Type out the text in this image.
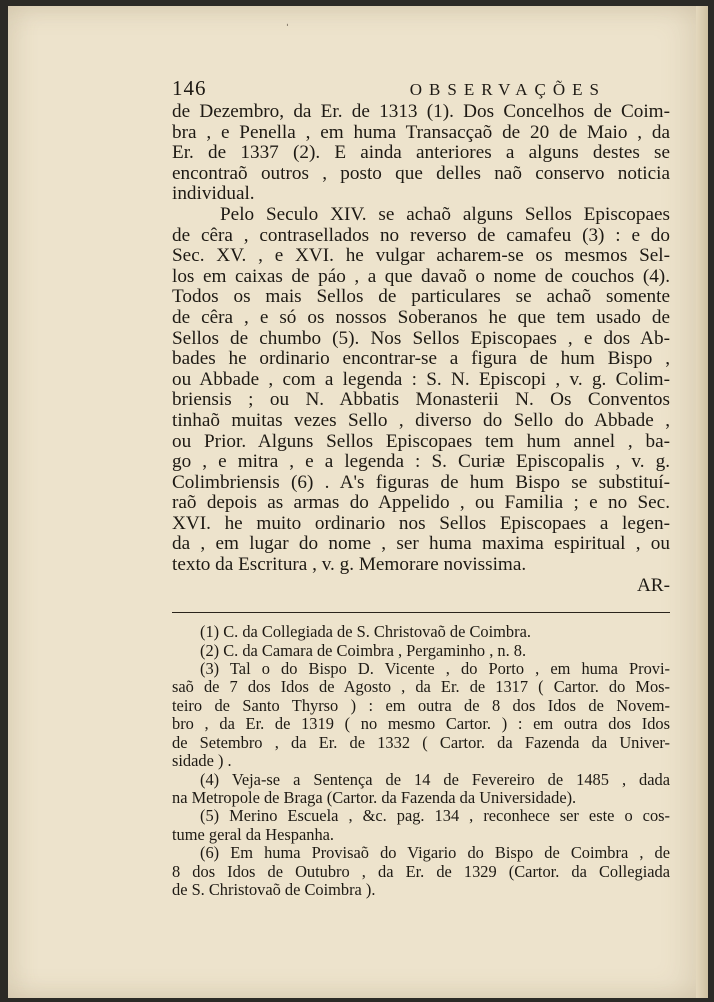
ˌ
146	OBSERVAÇÕES
de Dezembro, da Er. de 1313 (1). Dos Concelhos de Coim-
bra , e Penella , em huma Transacçaõ de 20 de Maio , da
Er. de 1337 (2). E ainda anteriores a alguns destes se
encontraõ outros , posto que delles naõ conservo noticia
individual.
Pelo Seculo XIV. se achaõ alguns Sellos Episcopaes
de cêra , contrasellados no reverso de camafeu (3) : e do
Sec. XV. , e XVI. he vulgar acharem-se os mesmos Sel-
los em caixas de páo , a que davaõ o nome de couchos (4).
Todos os mais Sellos de particulares se achaõ somente
de cêra , e só os nossos Soberanos he que tem usado de
Sellos de chumbo (5). Nos Sellos Episcopaes , e dos Ab-
bades he ordinario encontrar-se a figura de hum Bispo ,
ou Abbade , com a legenda : S. N. Episcopi , v. g. Colim-
briensis ; ou N. Abbatis Monasterii N. Os Conventos
tinhaõ muitas vezes Sello , diverso do Sello do Abbade ,
ou Prior. Alguns Sellos Episcopaes tem hum annel , ba-
go , e mitra , e a legenda : S. Curiæ Episcopalis , v. g.
Colimbriensis (6) . A's figuras de hum Bispo se substituí-
raõ depois as armas do Appelido , ou Familia ; e no Sec.
XVI. he muito ordinario nos Sellos Episcopaes a legen-
da , em lugar do nome , ser huma maxima espiritual , ou
texto da Escritura , v. g. Memorare novissima.
AR-
(1) C. da Collegiada de S. Christovaõ de Coimbra.
(2) C. da Camara de Coimbra , Pergaminho , n. 8.
(3) Tal o do Bispo D. Vicente , do Porto , em huma Provi-
saõ de 7 dos Idos de Agosto , da Er. de 1317 ( Cartor. do Mos-
teiro de Santo Thyrso ) : em outra de 8 dos Idos de Novem-
bro , da Er. de 1319 ( no mesmo Cartor. ) : em outra dos Idos
de Setembro , da Er. de 1332 ( Cartor. da Fazenda da Univer-
sidade ) .
(4) Veja-se a Sentença de 14 de Fevereiro de 1485 , dada
na Metropole de Braga (Cartor. da Fazenda da Universidade).
(5) Merino Escuela , &c. pag. 134 , reconhece ser este o cos-
tume geral da Hespanha.
(6) Em huma Provisaõ do Vigario do Bispo de Coimbra , de
8 dos Idos de Outubro , da Er. de 1329 (Cartor. da Collegiada
de S. Christovaõ de Coimbra ).
